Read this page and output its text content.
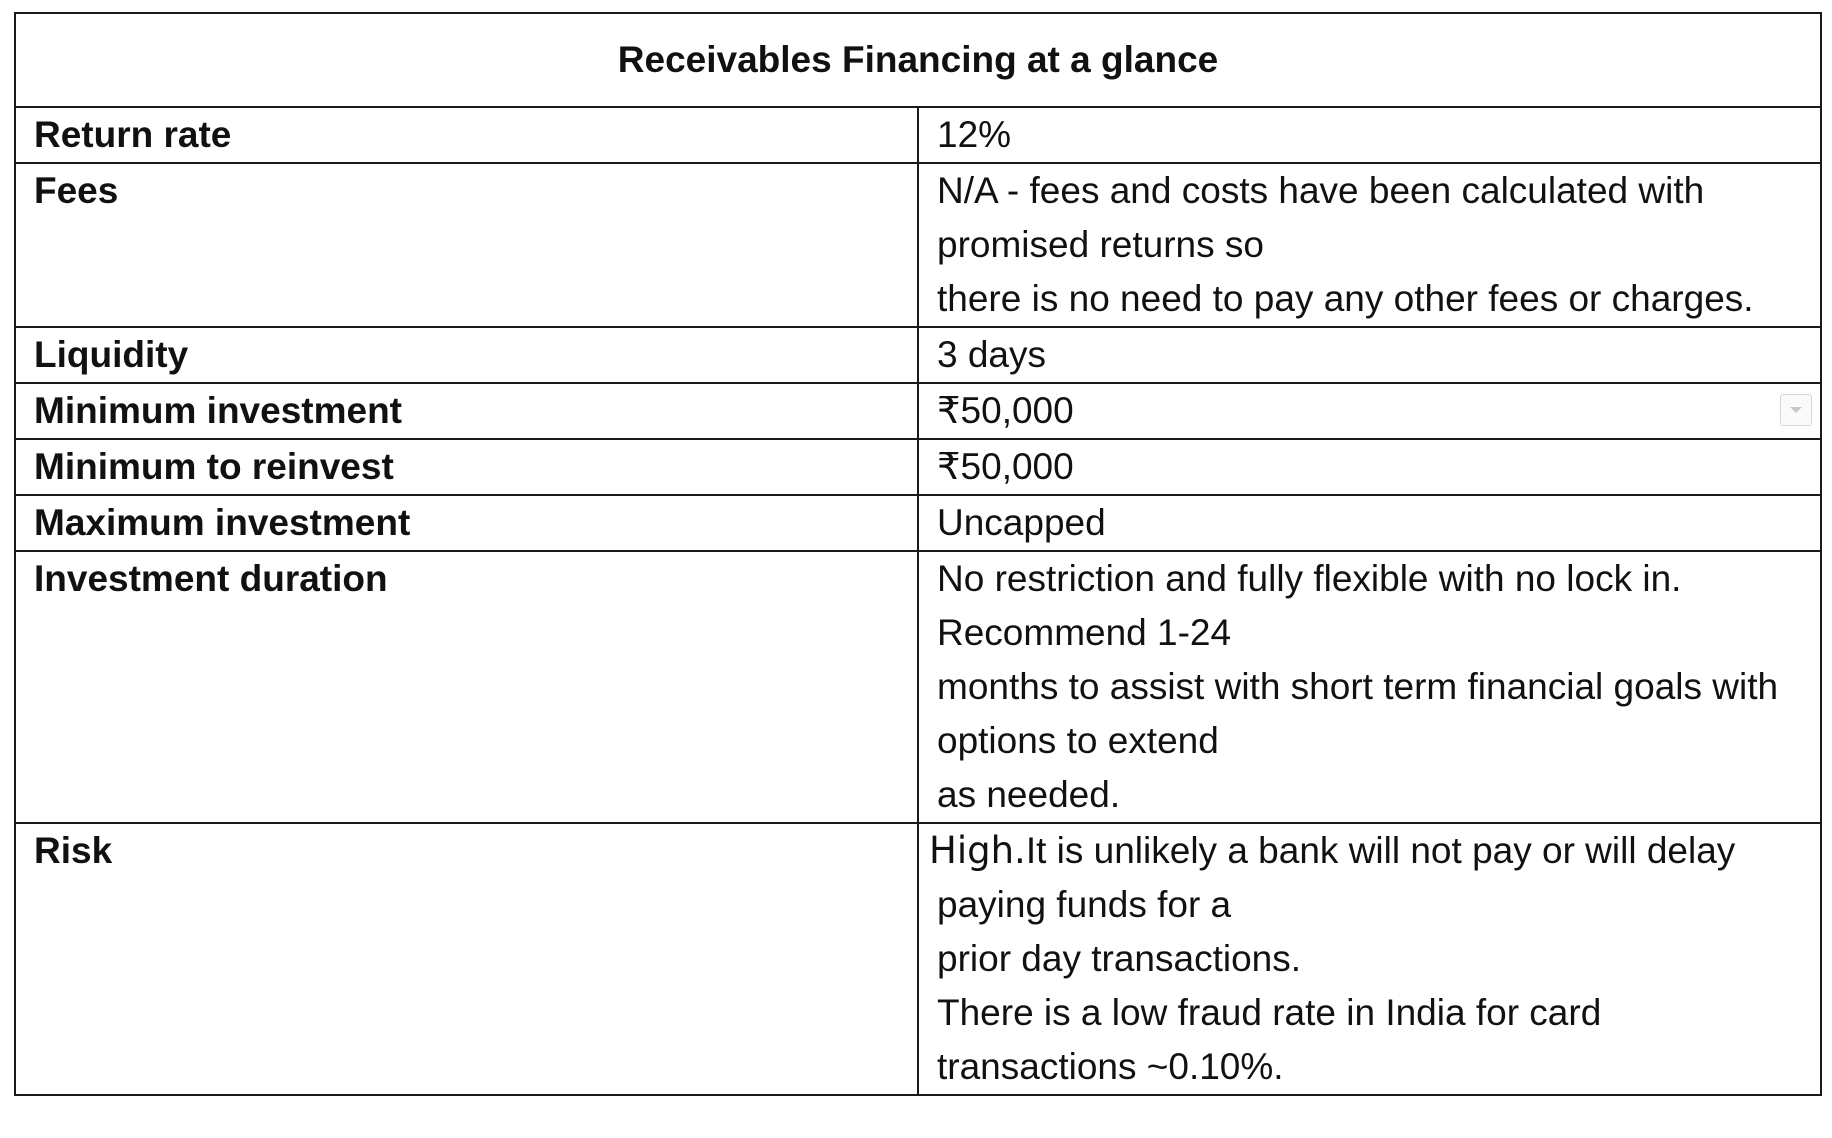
Receivables Financing at a glance	
Return rate	12%

Fees	N/A - fees and costs have been calculated with promised returns so
there is no need to pay any other fees or charges.

Liquidity	3 days

Minimum investment	₹50,000

Minimum to reinvest	₹50,000

Maximum investment	Uncapped

Investment duration	No restriction and fully flexible with no lock in. Recommend 1-24
months to assist with short term financial goals with options to extend
as needed.

Risk	High.It is unlikely a bank will not pay or will delay paying funds for a
prior day transactions.
There is a low fraud rate in India for card transactions ~0.10%.
